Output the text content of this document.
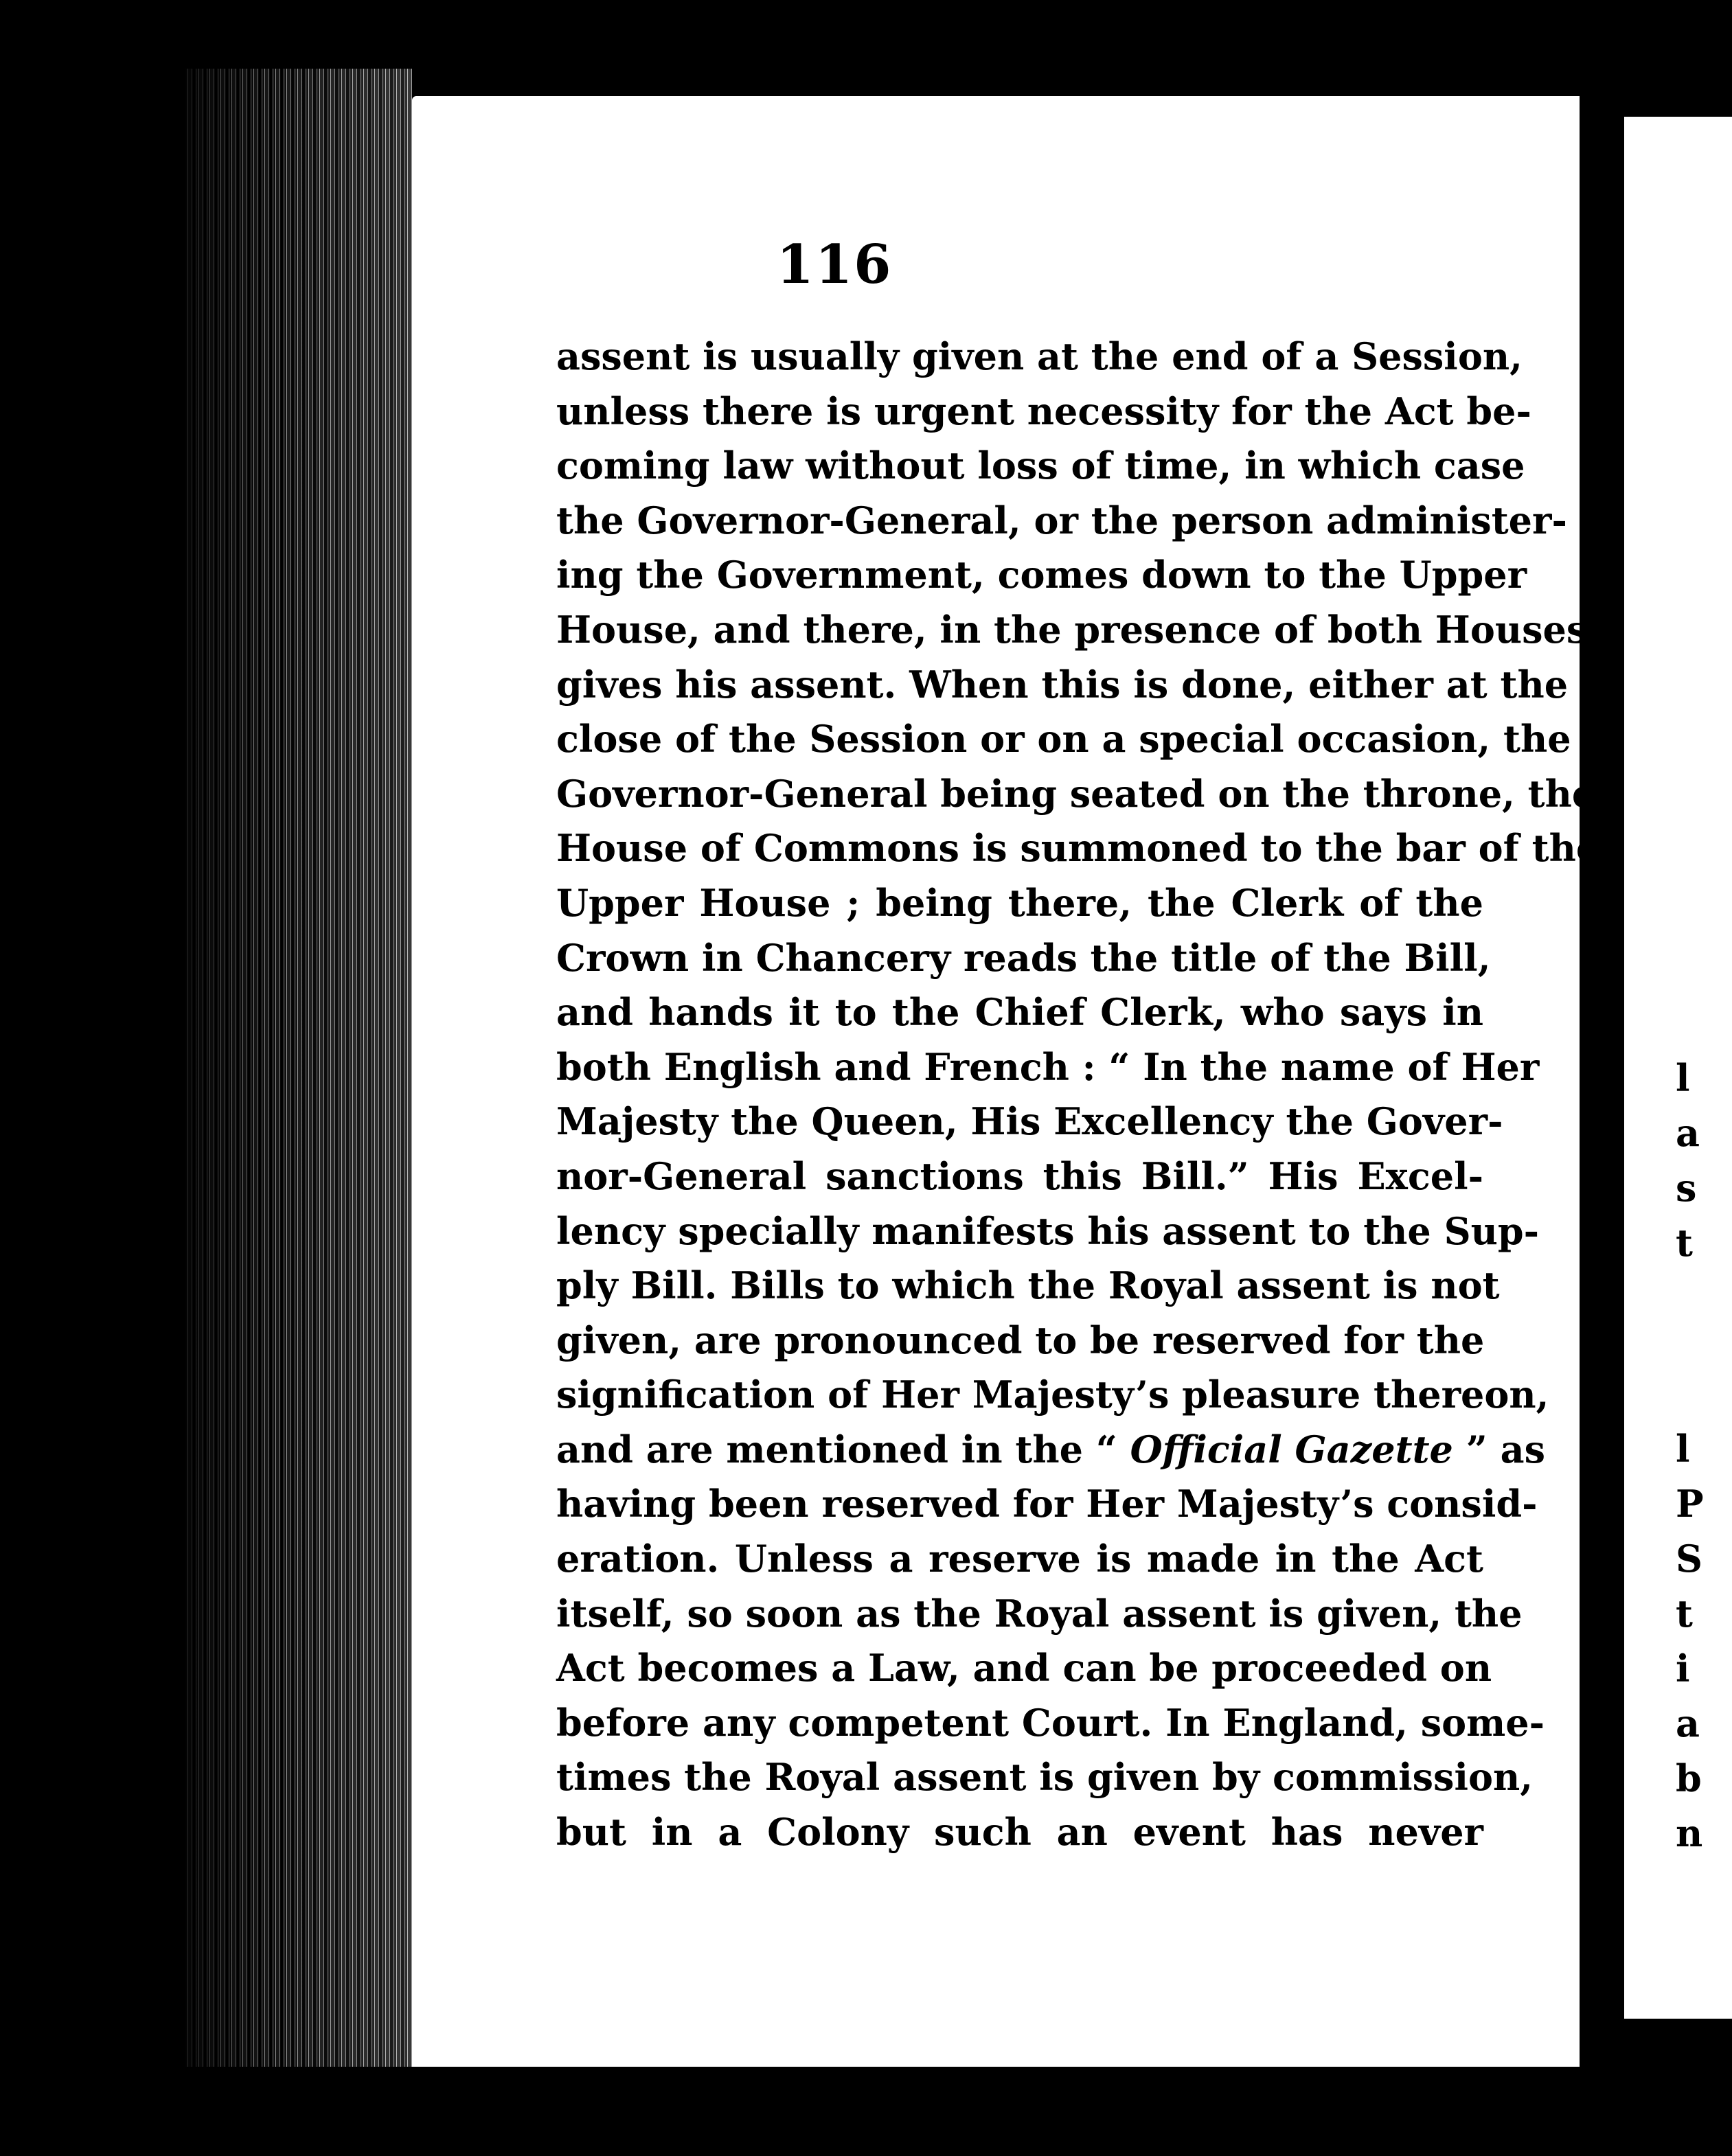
l
a
s
t
l
P
S
t
i
a
b
n
116
assent is usually given at the end of a Session,
unless there is urgent necessity for the Act be-
coming law without loss of time, in which case
the Governor-General, or the person administer-
ing the Government, comes down to the Upper
House, and there, in the presence of both Houses,
gives his assent. When this is done, either at the
close of the Session or on a special occasion, the
Governor-General being seated on the throne, the
House of Commons is summoned to the bar of the
Upper House ; being there, the Clerk of the
Crown in Chancery reads the title of the Bill,
and hands it to the Chief Clerk, who says in
both English and French : “ In the name of Her
Majesty the Queen, His Excellency the Gover-
nor-General sanctions this Bill.” His Excel-
lency specially manifests his assent to the Sup-
ply Bill. Bills to which the Royal assent is not
given, are pronounced to be reserved for the
signification of Her Majesty’s pleasure thereon,
and are mentioned in the “ Official Gazette ” as
having been reserved for Her Majesty’s consid-
eration. Unless a reserve is made in the Act
itself, so soon as the Royal assent is given, the
Act becomes a Law, and can be proceeded on
before any competent Court. In England, some-
times the Royal assent is given by commission,
but in a Colony such an event has never
